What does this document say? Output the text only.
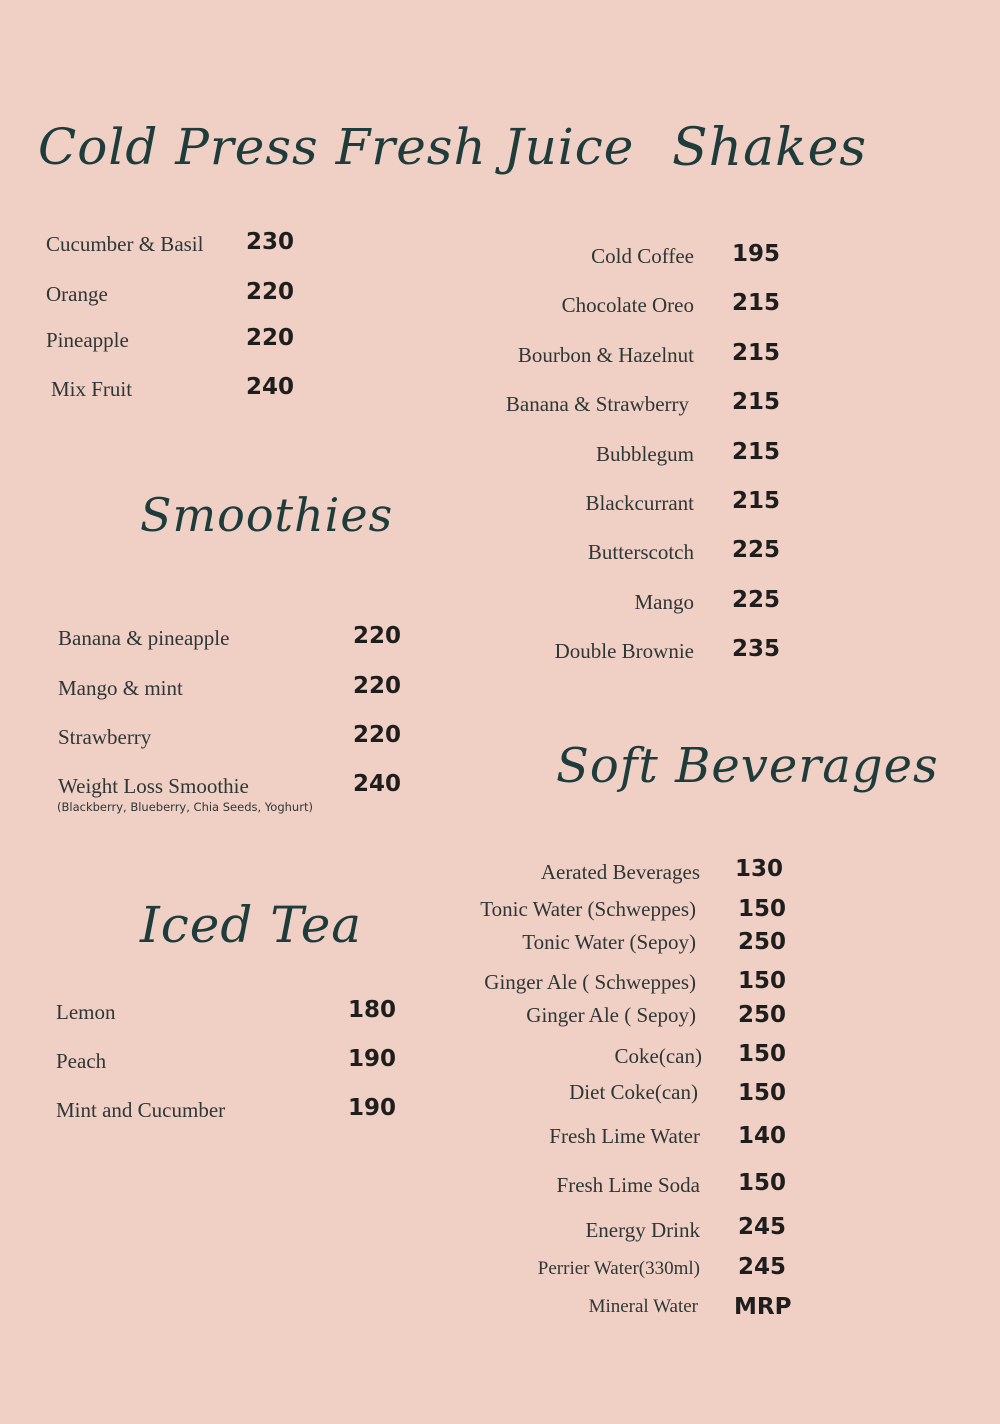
Cold Press Fresh Juice Shakes
Smoothies
Soft Beverages
Iced Tea
Cucumber & Basil 230
Orange	220
Pineapple	220
Mix Fruit	240
Cold Coffee 195
Chocolate Oreo 215
Bourbon & Hazelnut 215
Banana & Strawberry 215
Bubblegum 215
Blackcurrant 215
Butterscotch 225
Mango 225
Double Brownie 235
Banana & pineapple	220
Mango & mint	220
Strawberry	220
Weight Loss Smoothie	240
(Blackberry, Blueberry, Chia Seeds, Yoghurt)
Lemon	180
Peach	190
Mint and Cucumber	190
Aerated Beverages 130
Tonic Water (Schweppes) 150
Tonic Water (Sepoy) 250
Ginger Ale ( Schweppes) 150
Ginger Ale ( Sepoy) 250
Coke(can) 150
Diet Coke(can) 150
Fresh Lime Water 140
Fresh Lime Soda 150
Energy Drink 245
Perrier Water(330ml) 245
Mineral Water MRP
